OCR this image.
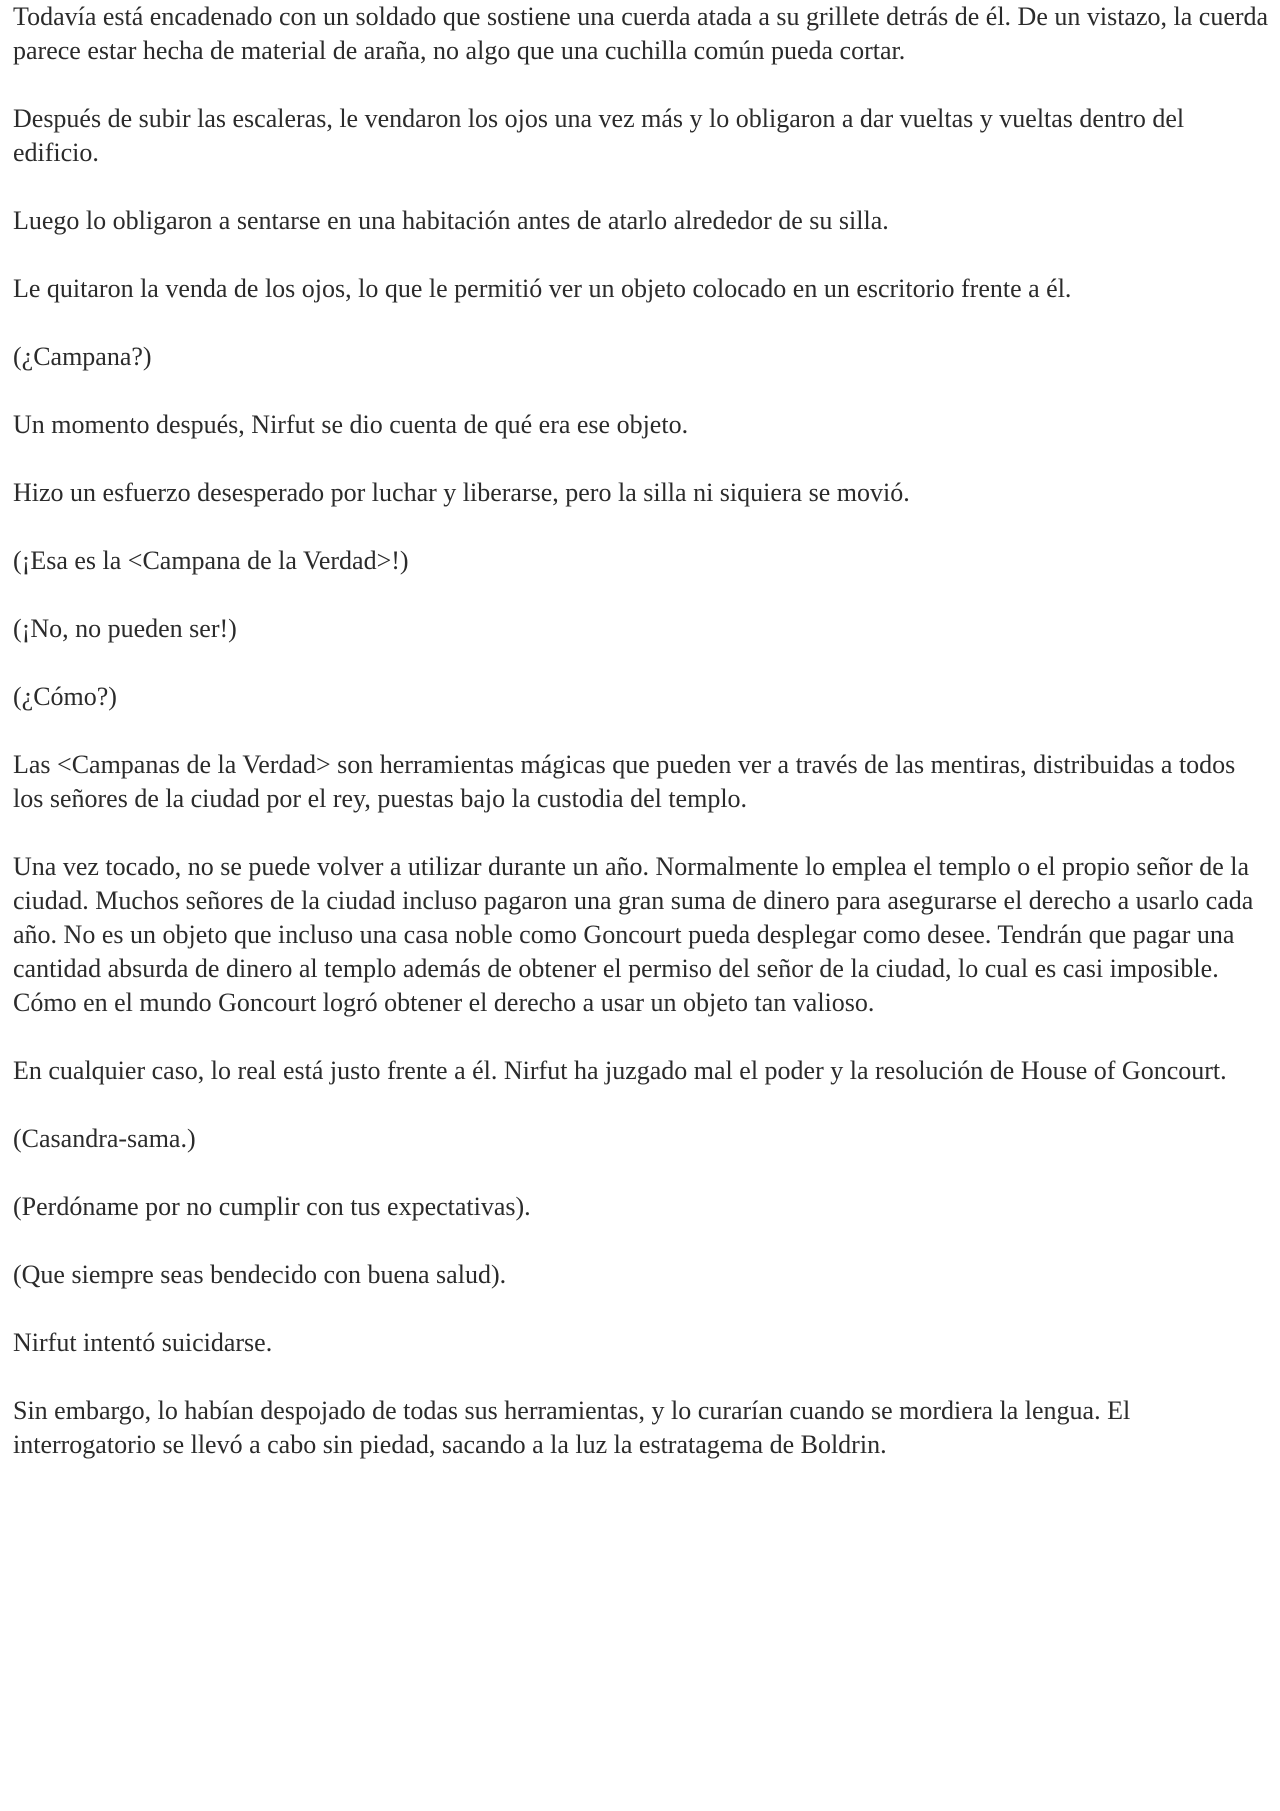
Todavía está encadenado con un soldado que sostiene una cuerda atada a su grillete detrás de él. De un vistazo, la cuerda parece estar hecha de material de araña, no algo que una cuchilla común pueda cortar.

Después de subir las escaleras, le vendaron los ojos una vez más y lo obligaron a dar vueltas y vueltas dentro del edificio.

Luego lo obligaron a sentarse en una habitación antes de atarlo alrededor de su silla.

Le quitaron la venda de los ojos, lo que le permitió ver un objeto colocado en un escritorio frente a él.

(¿Campana?)

Un momento después, Nirfut se dio cuenta de qué era ese objeto.

Hizo un esfuerzo desesperado por luchar y liberarse, pero la silla ni siquiera se movió.

(¡Esa es la <Campana de la Verdad>!)

(¡No, no pueden ser!)

(¿Cómo?)

Las <Campanas de la Verdad> son herramientas mágicas que pueden ver a través de las mentiras, distribuidas a todos los señores de la ciudad por el rey, puestas bajo la custodia del templo.

Una vez tocado, no se puede volver a utilizar durante un año. Normalmente lo emplea el templo o el propio señor de la ciudad. Muchos señores de la ciudad incluso pagaron una gran suma de dinero para asegurarse el derecho a usarlo cada año. No es un objeto que incluso una casa noble como Goncourt pueda desplegar como desee. Tendrán que pagar una cantidad absurda de dinero al templo además de obtener el permiso del señor de la ciudad, lo cual es casi imposible. Cómo en el mundo Goncourt logró obtener el derecho a usar un objeto tan valioso.

En cualquier caso, lo real está justo frente a él. Nirfut ha juzgado mal el poder y la resolución de House of Goncourt.

(Casandra-sama.)

(Perdóname por no cumplir con tus expectativas).

(Que siempre seas bendecido con buena salud).

Nirfut intentó suicidarse.

Sin embargo, lo habían despojado de todas sus herramientas, y lo curarían cuando se mordiera la lengua. El interrogatorio se llevó a cabo sin piedad, sacando a la luz la estratagema de Boldrin.
